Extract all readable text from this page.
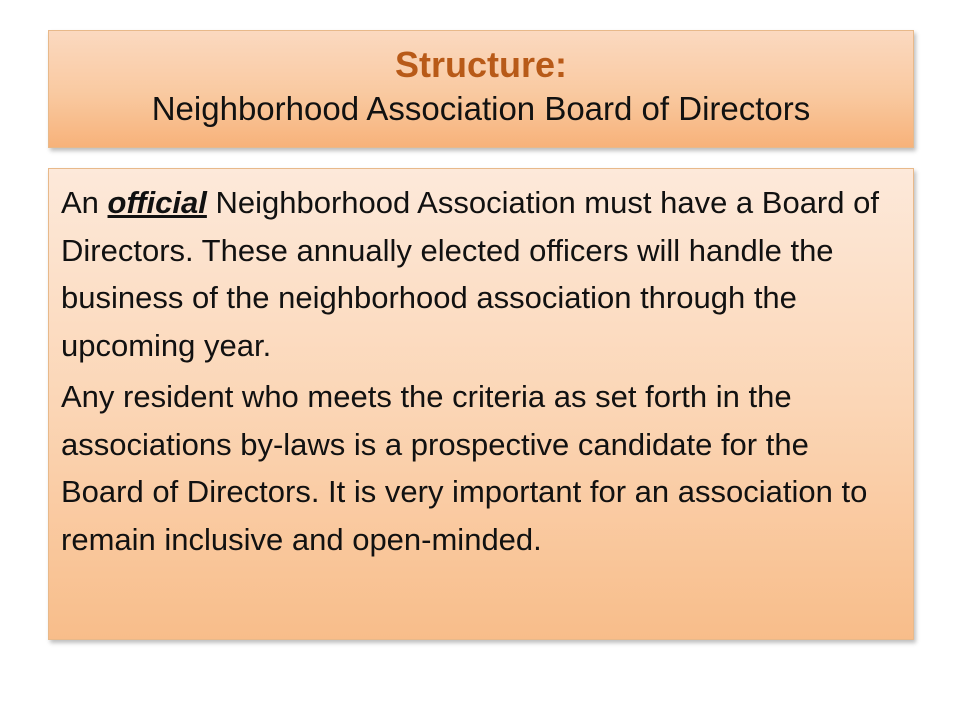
Structure:
Neighborhood Association Board of Directors

An official Neighborhood Association must have a Board of Directors. These annually elected officers will handle the business of the neighborhood association through the upcoming year.

Any resident who meets the criteria as set forth in the associations by-laws is a prospective candidate for the Board of Directors. It is very important for an association to remain inclusive and open-minded.
